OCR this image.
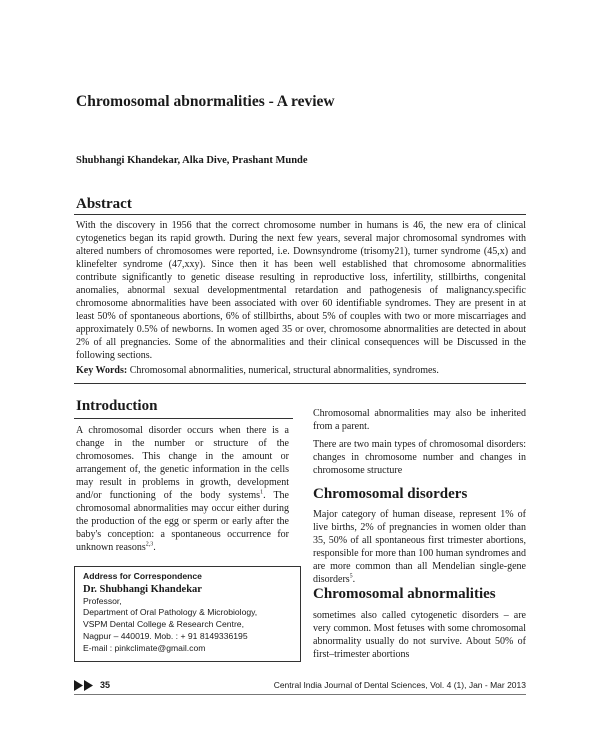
Chromosomal abnormalities - A review
Shubhangi Khandekar, Alka Dive, Prashant Munde
Abstract
With the discovery in 1956 that the correct chromosome number in humans is 46, the new era of clinical cytogenetics began its rapid growth. During the next few years, several major chromosomal syndromes with altered numbers of chromosomes were reported, i.e. Downsyndrome (trisomy21), turner syndrome (45,x) and klinefelter syndrome (47,xxy). Since then it has been well established that chromosome abnormalities contribute significantly to genetic disease resulting in reproductive loss, infertility, stillbirths, congenital anomalies, abnormal sexual developmentmental retardation and pathogenesis of malignancy.specific chromosome abnormalities have been associated with over 60 identifiable syndromes. They are present in at least 50% of spontaneous abortions, 6% of stillbirths, about 5% of couples with two or more miscarriages and approximately 0.5% of newborns. In women aged 35 or over, chromosome abnormalities are detected in about 2% of all pregnancies. Some of the abnormalities and their clinical consequences will be Discussed in the following sections.
Key Words: Chromosomal abnormalities, numerical, structural abnormalities, syndromes.
Introduction
A chromosomal disorder occurs when there is a change in the number or structure of the chromosomes. This change in the amount or arrangement of, the genetic information in the cells may result in problems in growth, development and/or functioning of the body systems$^1$. The chromosomal abnormalities may occur either during the production of the egg or sperm or early after the baby's conception: a spontaneous occurrence for unknown reasons$^{2,3}$.
Address for Correspondence
Dr. Shubhangi Khandekar
Professor,
Department of Oral Pathology & Microbiology,
VSPM Dental College & Research Centre,
Nagpur – 440019. Mob. : + 91 8149336195
E-mail : pinkclimate@gmail.com
Chromosomal abnormalities may also be inherited from a parent.
There are two main types of chromosomal disorders: changes in chromosome number and changes in chromosome structure
Chromosomal disorders
Major category of human disease, represent 1% of live births, 2% of pregnancies in women older than 35, 50% of all spontaneous first trimester abortions, responsible for more than 100 human syndromes and are more common than all Mendelian single-gene disorders$^5$.
Chromosomal abnormalities
sometimes also called cytogenetic disorders – are very common. Most fetuses with some chromosomal abnormality usually do not survive. About 50% of first–trimester abortions
35	Central India Journal of Dental Sciences, Vol. 4 (1), Jan - Mar 2013
